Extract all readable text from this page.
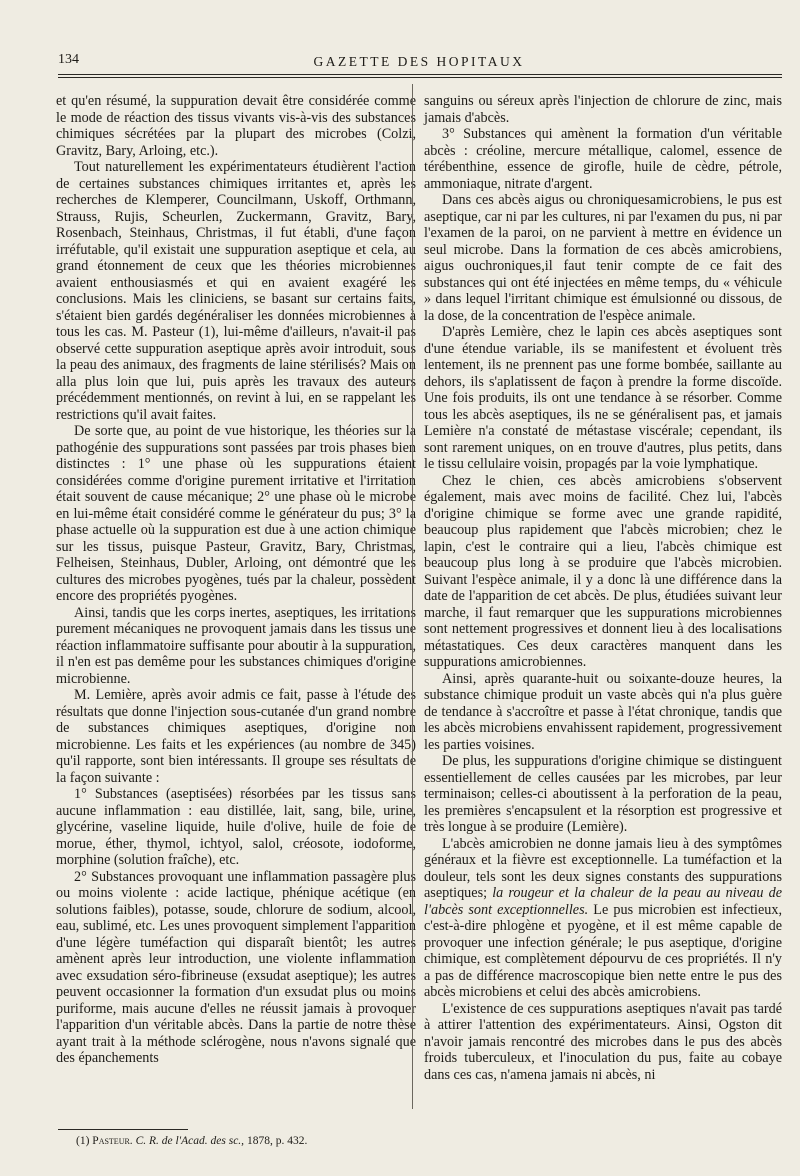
134	GAZETTE DES HOPITAUX

et qu'en résumé, la suppuration devait être considérée comme le mode de réaction des tissus vivants vis-à-vis des substances chimiques sécrétées par la plupart des microbes (Colzi, Gravitz, Bary, Arloing, etc.).

Tout naturellement les expérimentateurs étudièrent l'action de certaines substances chimiques irritantes et, après les recherches de Klemperer, Councilmann, Uskoff, Orthmann, Strauss, Rujis, Scheurlen, Zuckermann, Gravitz, Bary, Rosenbach, Steinhaus, Christmas, il fut établi, d'une façon irréfutable, qu'il existait une suppuration aseptique et cela, au grand étonnement de ceux que les théories microbiennes avaient enthousiasmés et qui en avaient exagéré les conclusions. Mais les cliniciens, se basant sur certains faits, s'étaient bien gardés degénéraliser les données microbiennes à tous les cas. M. Pasteur (1), lui-même d'ailleurs, n'avait-il pas observé cette suppuration aseptique après avoir introduit, sous la peau des animaux, des fragments de laine stérilisés? Mais on alla plus loin que lui, puis après les travaux des auteurs précédemment mentionnés, on revint à lui, en se rappelant les restrictions qu'il avait faites.

De sorte que, au point de vue historique, les théories sur la pathogénie des suppurations sont passées par trois phases bien distinctes : 1° une phase où les suppurations étaient considérées comme d'origine purement irritative et l'irritation était souvent de cause mécanique; 2° une phase où le microbe en lui-même était considéré comme le générateur du pus; 3° la phase actuelle où la suppuration est due à une action chimique sur les tissus, puisque Pasteur, Gravitz, Bary, Christmas, Felheisen, Steinhaus, Dubler, Arloing, ont démontré que les cultures des microbes pyogènes, tués par la chaleur, possèdent encore des propriétés pyogènes.

Ainsi, tandis que les corps inertes, aseptiques, les irritations purement mécaniques ne provoquent jamais dans les tissus une réaction inflammatoire suffisante pour aboutir à la suppuration, il n'en est pas demême pour les substances chimiques d'origine microbienne.

M. Lemière, après avoir admis ce fait, passe à l'étude des résultats que donne l'injection sous-cutanée d'un grand nombre de substances chimiques aseptiques, d'origine non microbienne. Les faits et les expériences (au nombre de 345) qu'il rapporte, sont bien intéressants. Il groupe ses résultats de la façon suivante :

1° Substances (aseptisées) résorbées par les tissus sans aucune inflammation : eau distillée, lait, sang, bile, urine, glycérine, vaseline liquide, huile d'olive, huile de foie de morue, éther, thymol, ichtyol, salol, créosote, iodoforme, morphine (solution fraîche), etc.

2° Substances provoquant une inflammation passagère plus ou moins violente : acide lactique, phénique acétique (en solutions faibles), potasse, soude, chlorure de sodium, alcool, eau, sublimé, etc. Les unes provoquent simplement l'apparition d'une légère tuméfaction qui disparaît bientôt; les autres amènent après leur introduction, une violente inflammation avec exsudation séro-fibrineuse (exsudat aseptique); les autres peuvent occasionner la formation d'un exsudat plus ou moins puriforme, mais aucune d'elles ne réussit jamais à provoquer l'apparition d'un véritable abcès. Dans la partie de notre thèse ayant trait à la méthode sclérogène, nous n'avons signalé que des épanchements

sanguins ou séreux après l'injection de chlorure de zinc, mais jamais d'abcès.

3° Substances qui amènent la formation d'un véritable abcès : créoline, mercure métallique, calomel, essence de térébenthine, essence de girofle, huile de cèdre, pétrole, ammoniaque, nitrate d'argent.

Dans ces abcès aigus ou chroniquesamicrobiens, le pus est aseptique, car ni par les cultures, ni par l'examen du pus, ni par l'examen de la paroi, on ne parvient à mettre en évidence un seul microbe. Dans la formation de ces abcès amicrobiens, aigus ouchroniques,il faut tenir compte de ce fait des substances qui ont été injectées en même temps, du « véhicule » dans lequel l'irritant chimique est émulsionné ou dissous, de la dose, de la concentration de l'espèce animale.

D'après Lemière, chez le lapin ces abcès aseptiques sont d'une étendue variable, ils se manifestent et évoluent très lentement, ils ne prennent pas une forme bombée, saillante au dehors, ils s'aplatissent de façon à prendre la forme discoïde. Une fois produits, ils ont une tendance à se résorber. Comme tous les abcès aseptiques, ils ne se généralisent pas, et jamais Lemière n'a constaté de métastase viscérale; cependant, ils sont rarement uniques, on en trouve d'autres, plus petits, dans le tissu cellulaire voisin, propagés par la voie lymphatique.

Chez le chien, ces abcès amicrobiens s'observent également, mais avec moins de facilité. Chez lui, l'abcès d'origine chimique se forme avec une grande rapidité, beaucoup plus rapidement que l'abcès microbien; chez le lapin, c'est le contraire qui a lieu, l'abcès chimique est beaucoup plus long à se produire que l'abcès microbien. Suivant l'espèce animale, il y a donc là une différence dans la date de l'apparition de cet abcès. De plus, étudiées suivant leur marche, il faut remarquer que les suppurations microbiennes sont nettement progressives et donnent lieu à des localisations métastatiques. Ces deux caractères manquent dans les suppurations amicrobiennes.

Ainsi, après quarante-huit ou soixante-douze heures, la substance chimique produit un vaste abcès qui n'a plus guère de tendance à s'accroître et passe à l'état chronique, tandis que les abcès microbiens envahissent rapidement, progressivement les parties voisines.

De plus, les suppurations d'origine chimique se distinguent essentiellement de celles causées par les microbes, par leur terminaison; celles-ci aboutissent à la perforation de la peau, les premières s'encapsulent et la résorption est progressive et très longue à se produire (Lemière).

L'abcès amicrobien ne donne jamais lieu à des symptômes généraux et la fièvre est exceptionnelle. La tuméfaction et la douleur, tels sont les deux signes constants des suppurations aseptiques; la rougeur et la chaleur de la peau au niveau de l'abcès sont exceptionnelles. Le pus microbien est infectieux, c'est-à-dire phlogène et pyogène, et il est même capable de provoquer une infection générale; le pus aseptique, d'origine chimique, est complètement dépourvu de ces propriétés. Il n'y a pas de différence macroscopique bien nette entre le pus des abcès microbiens et celui des abcès amicrobiens.

L'existence de ces suppurations aseptiques n'avait pas tardé à attirer l'attention des expérimentateurs. Ainsi, Ogston dit n'avoir jamais rencontré des microbes dans le pus des abcès froids tuberculeux, et l'inoculation du pus, faite au cobaye dans ces cas, n'amena jamais ni abcès, ni

(1) Pasteur. C. R. de l'Acad. des sc., 1878, p. 432.
